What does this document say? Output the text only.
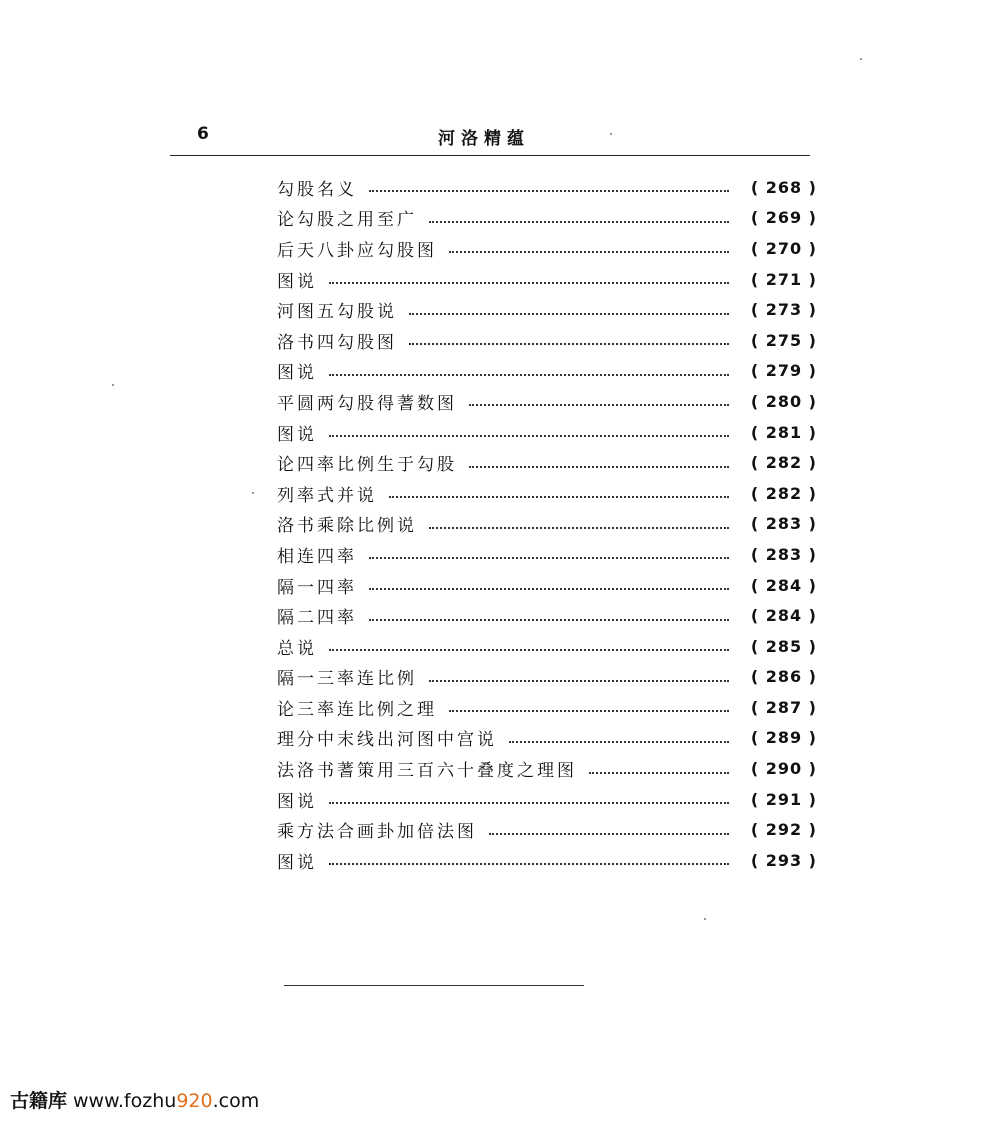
6	河洛精蕴
勾股名义	( 268 )
论勾股之用至广	( 269 )
后天八卦应勾股图	( 270 )
图说	( 271 )
河图五勾股说	( 273 )
洛书四勾股图	( 275 )
图说	( 279 )
平圆两勾股得蓍数图	( 280 )
图说	( 281 )
论四率比例生于勾股	( 282 )
列率式并说	( 282 )
洛书乘除比例说	( 283 )
相连四率	( 283 )
隔一四率	( 284 )
隔二四率	( 284 )
总说	( 285 )
隔一三率连比例	( 286 )
论三率连比例之理	( 287 )
理分中末线出河图中宫说	( 289 )
法洛书蓍策用三百六十叠度之理图	( 290 )
图说	( 291 )
乘方法合画卦加倍法图	( 292 )
图说	( 293 )
古籍库 www.fozhu920.com
